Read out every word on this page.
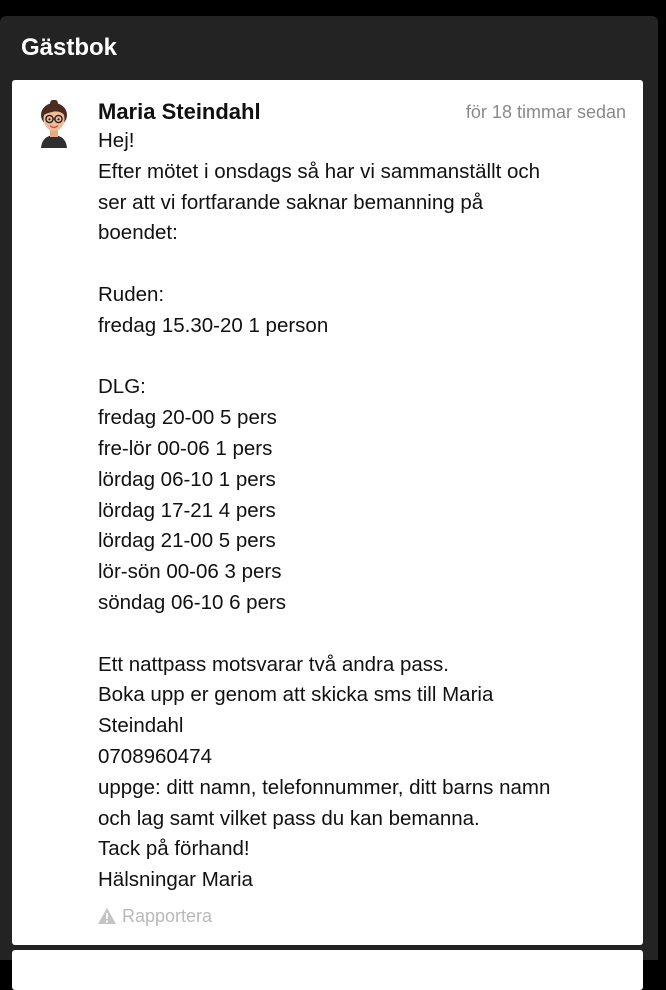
Gästbok
Maria Steindahl	för 18 timmar sedan
Hej!
Efter mötet i onsdags så har vi sammanställt och
ser att vi fortfarande saknar bemanning på
boendet:
Ruden:
fredag 15.30-20 1 person
DLG:
fredag 20-00 5 pers
fre-lör 00-06 1 pers
lördag 06-10 1 pers
lördag 17-21 4 pers
lördag 21-00 5 pers
lör-sön 00-06 3 pers
söndag 06-10 6 pers
Ett nattpass motsvarar två andra pass.
Boka upp er genom att skicka sms till Maria
Steindahl
0708960474
uppge: ditt namn, telefonnummer, ditt barns namn
och lag samt vilket pass du kan bemanna.
Tack på förhand!
Hälsningar Maria
Rapportera
